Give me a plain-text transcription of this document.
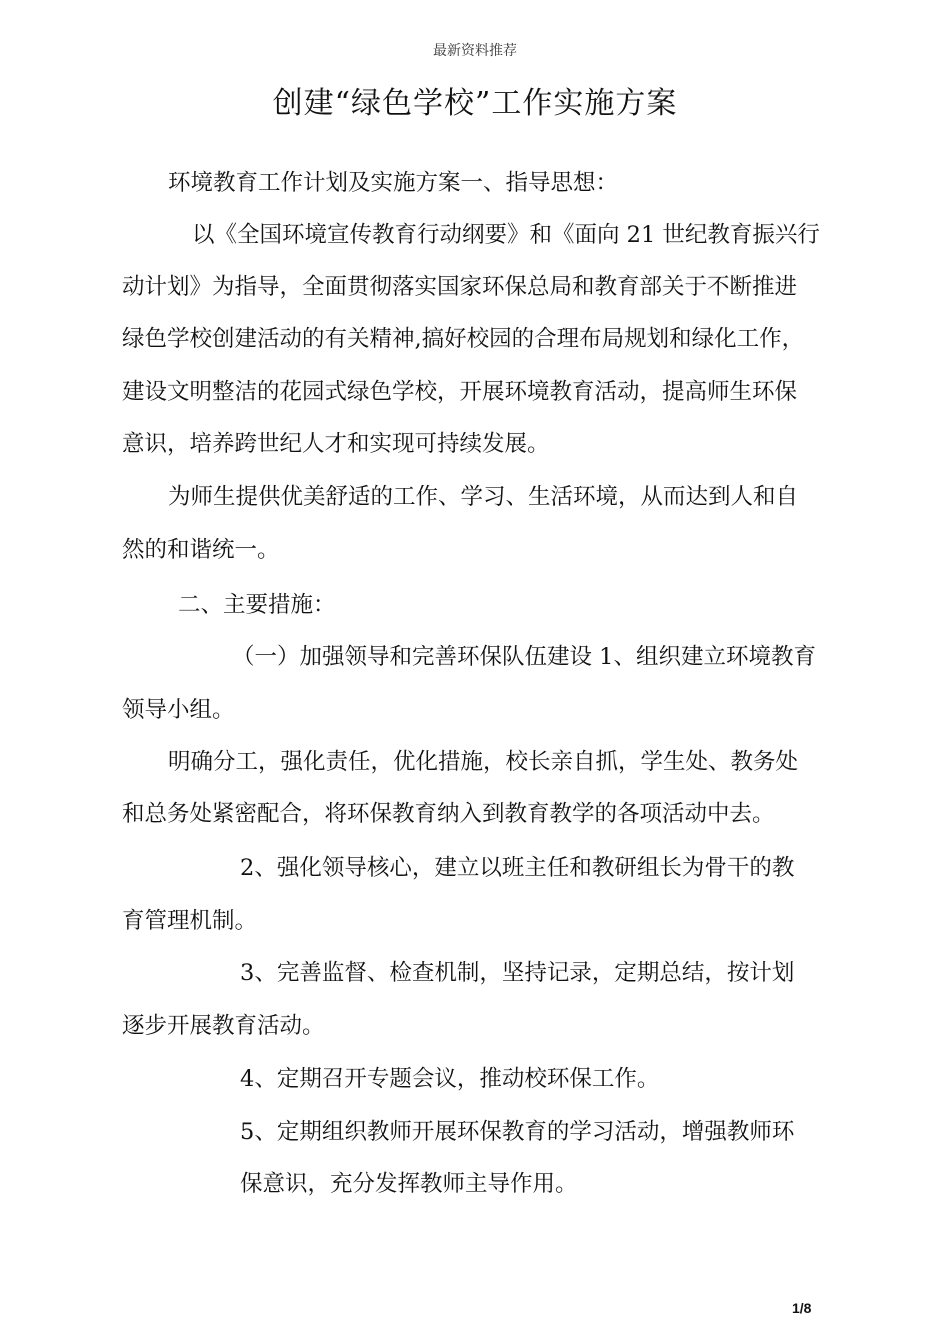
最新资料推荐
创建“绿色学校”工作实施方案
环境教育工作计划及实施方案一、指导思想：
以《全国环境宣传教育行动纲要》和《面向 21 世纪教育振兴行
动计划》为指导，全面贯彻落实国家环保总局和教育部关于不断推进
绿色学校创建活动的有关精神,搞好校园的合理布局规划和绿化工作，
建设文明整洁的花园式绿色学校，开展环境教育活动，提高师生环保
意识，培养跨世纪人才和实现可持续发展。
为师生提供优美舒适的工作、学习、生活环境，从而达到人和自
然的和谐统一。
二、主要措施：
（一）加强领导和完善环保队伍建设 1、组织建立环境教育
领导小组。
明确分工，强化责任，优化措施，校长亲自抓，学生处、教务处
和总务处紧密配合，将环保教育纳入到教育教学的各项活动中去。
2、强化领导核心，建立以班主任和教研组长为骨干的教
育管理机制。
3、完善监督、检查机制，坚持记录，定期总结，按计划
逐步开展教育活动。
4、定期召开专题会议，推动校环保工作。
5、定期组织教师开展环保教育的学习活动，增强教师环
保意识，充分发挥教师主导作用。
1/8
